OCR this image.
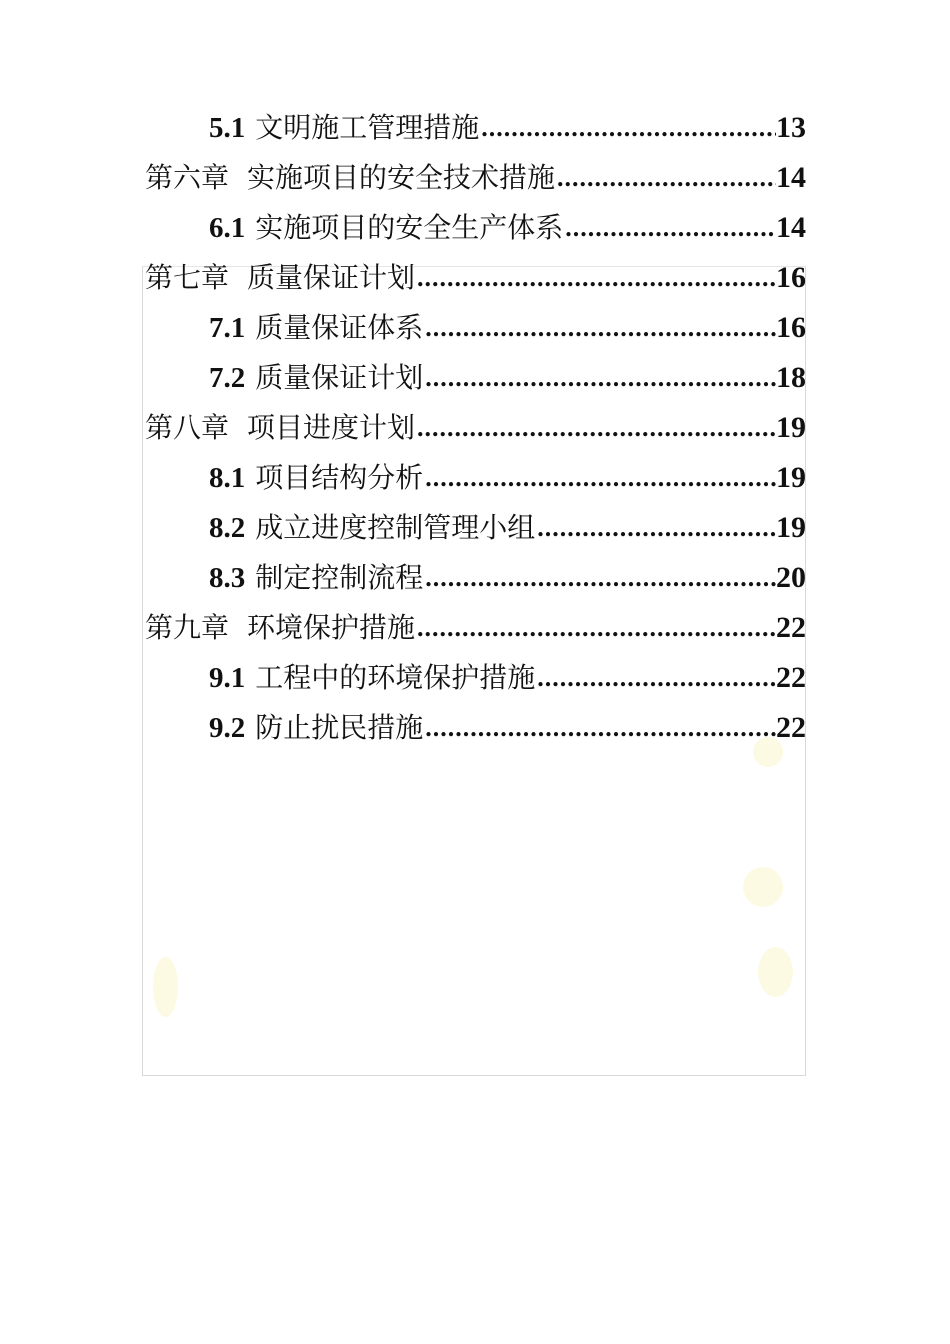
5.1 文明施工管理措施 .....	13
第六章 实施项目的安全技术措施 .....	14
6.1 实施项目的安全生产体系 .....	14
第七章 质量保证计划 .....	16
7.1 质量保证体系 .....	16
7.2 质量保证计划 .....	18
第八章 项目进度计划 .....	19
8.1 项目结构分析 .....	19
8.2 成立进度控制管理小组 .....	19
8.3 制定控制流程 .....	20
第九章 环境保护措施 .....	22
9.1 工程中的环境保护措施 .....	22
9.2 防止扰民措施 .....	22
